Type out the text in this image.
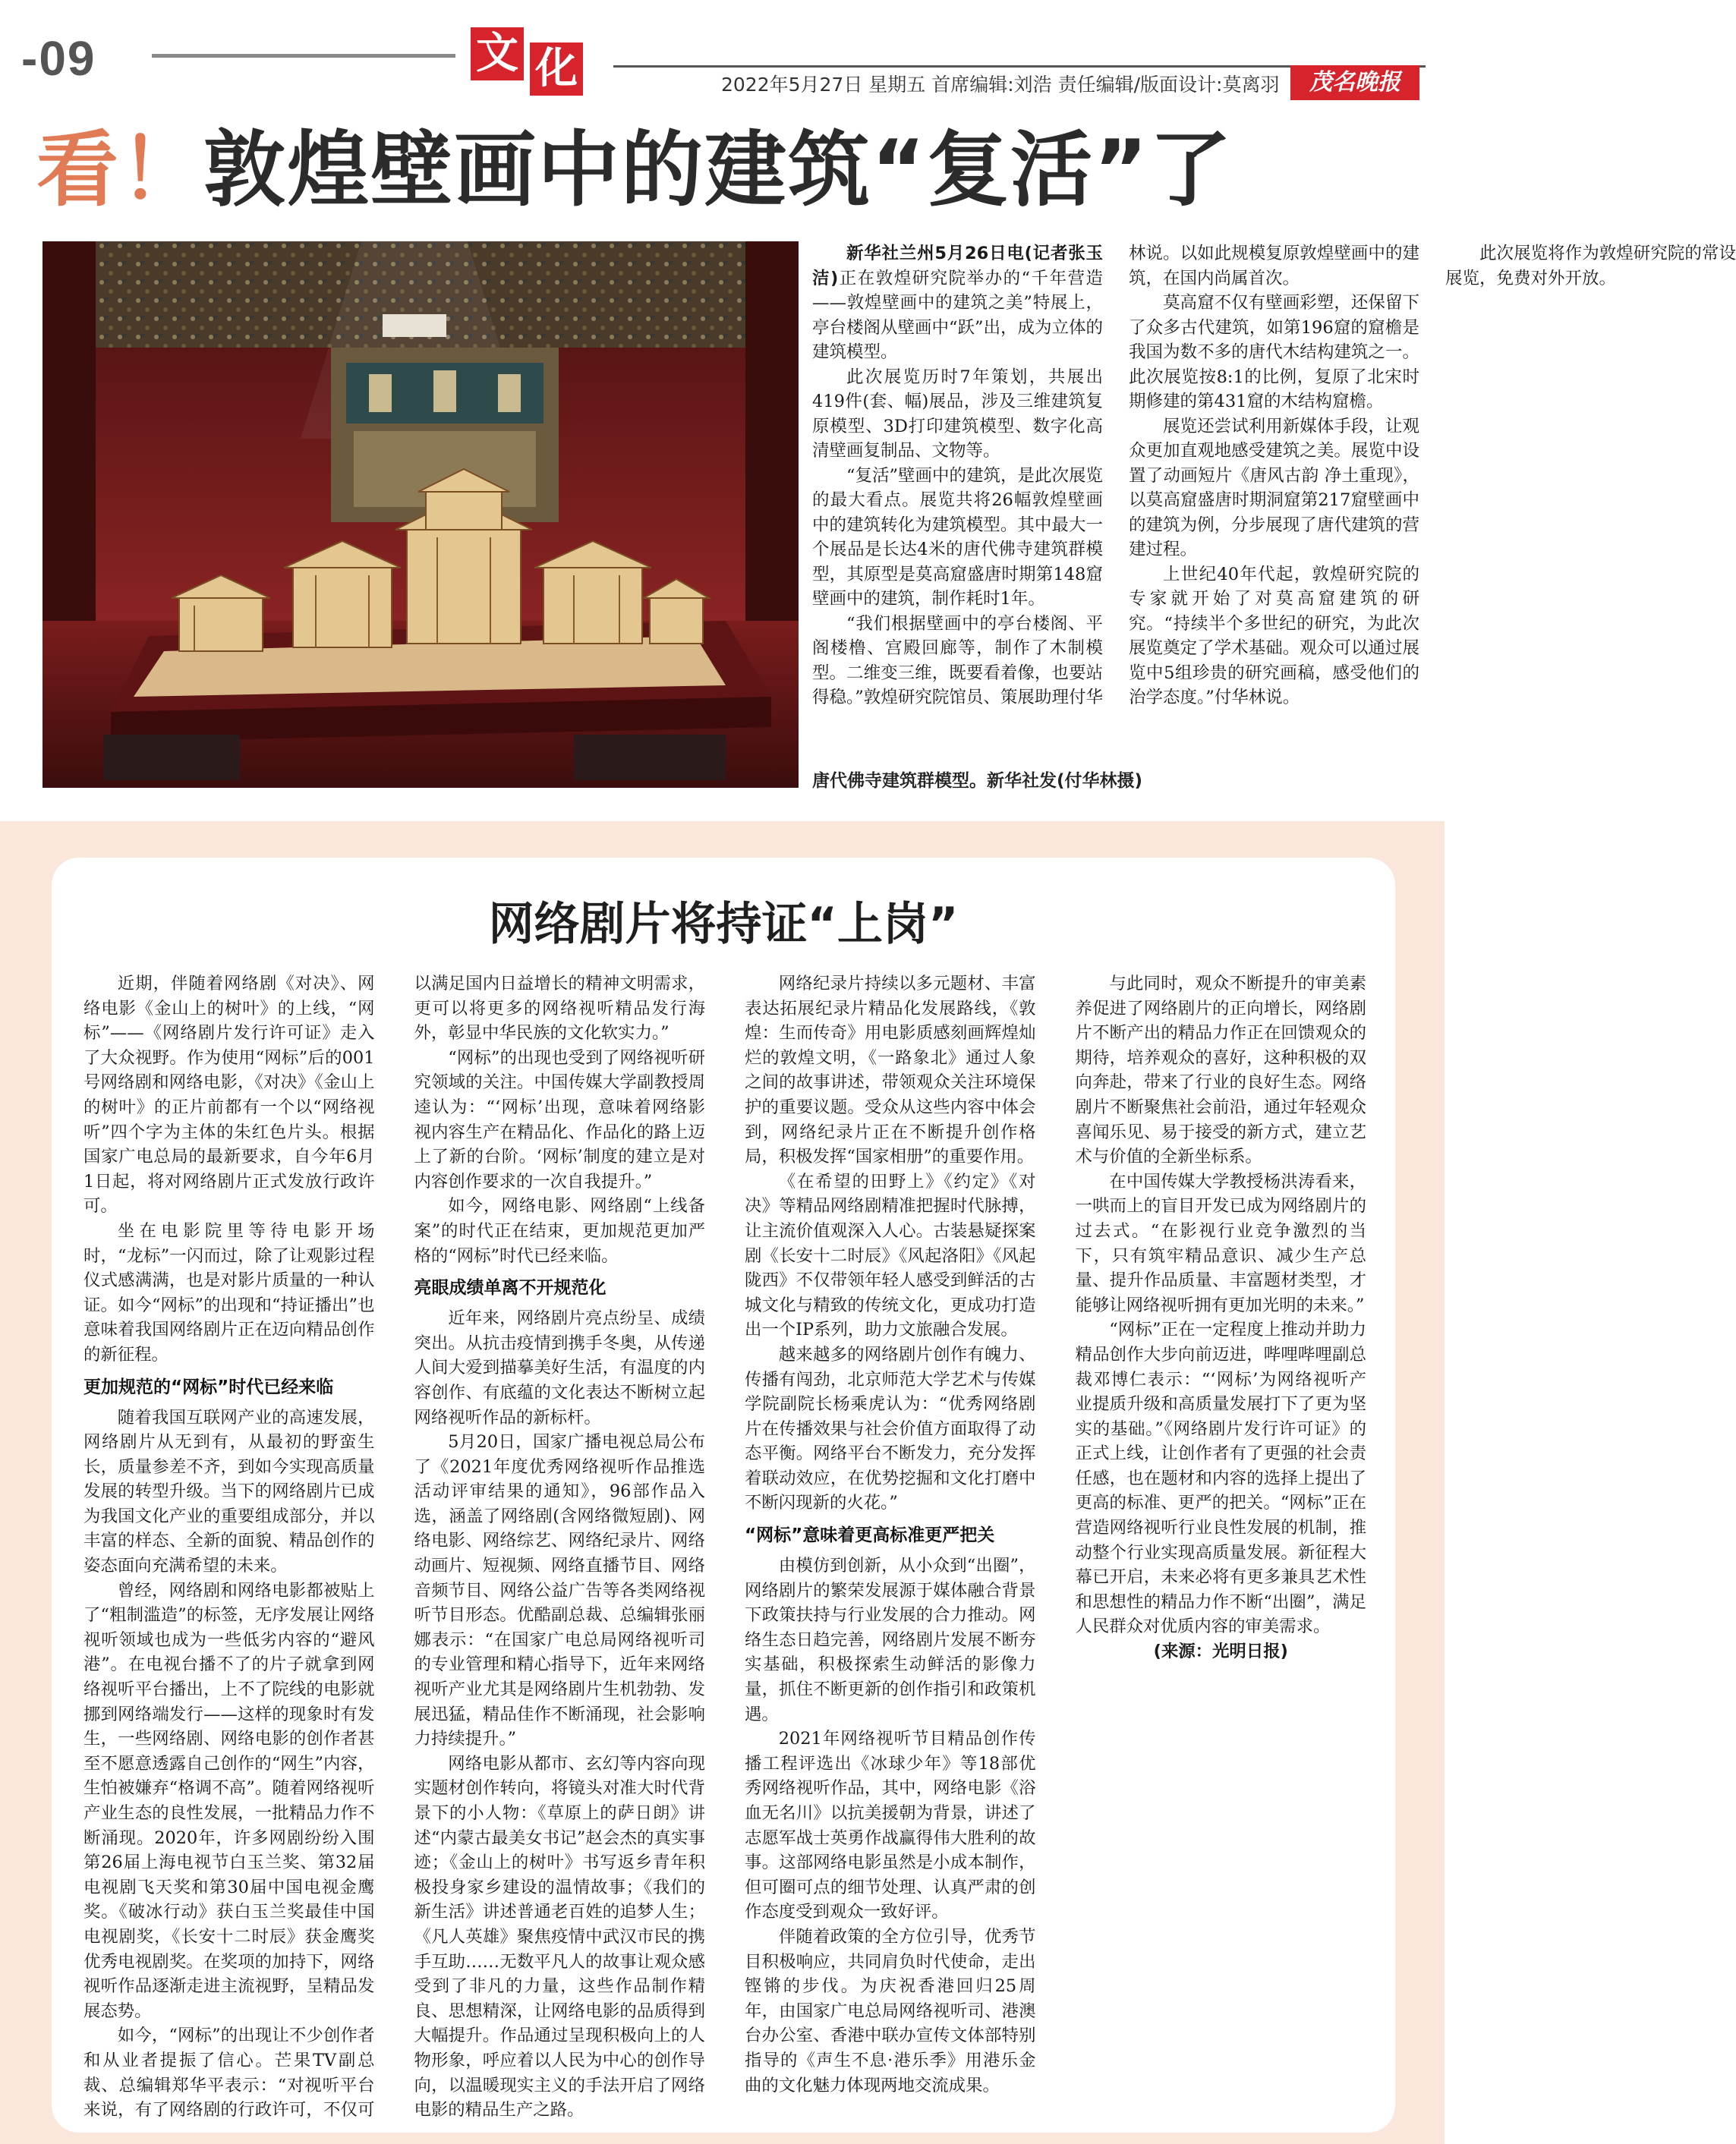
-09	文 化	2022年5月27日 星期五 首席编辑:刘浩 责任编辑/版面设计:莫离羽	茂名晚报
看！敦煌壁画中的建筑“复活”了
唐代佛寺建筑群模型。新华社发(付华林摄)

新华社兰州5月26日电(记者张玉洁)正在敦煌研究院举办的“千年营造——敦煌壁画中的建筑之美”特展上，亭台楼阁从壁画中“跃”出，成为立体的建筑模型。

此次展览历时7年策划，共展出419件(套、幅)展品，涉及三维建筑复原模型、3D打印建筑模型、数字化高清壁画复制品、文物等。

“复活”壁画中的建筑，是此次展览的最大看点。展览共将26幅敦煌壁画中的建筑转化为建筑模型。其中最大一个展品是长达4米的唐代佛寺建筑群模型，其原型是莫高窟盛唐时期第148窟壁画中的建筑，制作耗时1年。

“我们根据壁画中的亭台楼阁、平阁楼橹、宫殿回廊等，制作了木制模型。二维变三维，既要看着像，也要站得稳。”敦煌研究院馆员、策展助理付华林说。以如此规模复原敦煌壁画中的建筑，在国内尚属首次。

莫高窟不仅有壁画彩塑，还保留下了众多古代建筑，如第196窟的窟檐是我国为数不多的唐代木结构建筑之一。此次展览按8:1的比例，复原了北宋时期修建的第431窟的木结构窟檐。

展览还尝试利用新媒体手段，让观众更加直观地感受建筑之美。展览中设置了动画短片《唐风古韵 净土重现》，以莫高窟盛唐时期洞窟第217窟壁画中的建筑为例，分步展现了唐代建筑的营建过程。

上世纪40年代起，敦煌研究院的专家就开始了对莫高窟建筑的研究。“持续半个多世纪的研究，为此次展览奠定了学术基础。观众可以通过展览中5组珍贵的研究画稿，感受他们的治学态度。”付华林说。

此次展览将作为敦煌研究院的常设展览，免费对外开放。

网络剧片将持证“上岗”

近期，伴随着网络剧《对决》、网络电影《金山上的树叶》的上线，“网标”——《网络剧片发行许可证》走入了大众视野。作为使用“网标”后的001号网络剧和网络电影，《对决》《金山上的树叶》的正片前都有一个以“网络视听”四个字为主体的朱红色片头。根据国家广电总局的最新要求，自今年6月1日起，将对网络剧片正式发放行政许可。

坐在电影院里等待电影开场时，“龙标”一闪而过，除了让观影过程仪式感满满，也是对影片质量的一种认证。如今“网标”的出现和“持证播出”也意味着我国网络剧片正在迈向精品创作的新征程。

更加规范的“网标”时代已经来临

随着我国互联网产业的高速发展，网络剧片从无到有，从最初的野蛮生长，质量参差不齐，到如今实现高质量发展的转型升级。当下的网络剧片已成为我国文化产业的重要组成部分，并以丰富的样态、全新的面貌、精品创作的姿态面向充满希望的未来。

曾经，网络剧和网络电影都被贴上了“粗制滥造”的标签，无序发展让网络视听领域也成为一些低劣内容的“避风港”。在电视台播不了的片子就拿到网络视听平台播出，上不了院线的电影就挪到网络端发行——这样的现象时有发生，一些网络剧、网络电影的创作者甚至不愿意透露自己创作的“网生”内容，生怕被嫌弃“格调不高”。随着网络视听产业生态的良性发展，一批精品力作不断涌现。2020年，许多网剧纷纷入围第26届上海电视节白玉兰奖、第32届电视剧飞天奖和第30届中国电视金鹰奖。《破冰行动》获白玉兰奖最佳中国电视剧奖，《长安十二时辰》获金鹰奖优秀电视剧奖。在奖项的加持下，网络视听作品逐渐走进主流视野，呈精品发展态势。

如今，“网标”的出现让不少创作者和从业者提振了信心。芒果TV副总裁、总编辑郑华平表示：“对视听平台来说，有了网络剧的行政许可，不仅可以满足国内日益增长的精神文明需求，更可以将更多的网络视听精品发行海外，彰显中华民族的文化软实力。”

“网标”的出现也受到了网络视听研究领域的关注。中国传媒大学副教授周逵认为：“‘网标’出现，意味着网络影视内容生产在精品化、作品化的路上迈上了新的台阶。‘网标’制度的建立是对内容创作要求的一次自我提升。”

如今，网络电影、网络剧“上线备案”的时代正在结束，更加规范更加严格的“网标”时代已经来临。

亮眼成绩单离不开规范化

近年来，网络剧片亮点纷呈、成绩突出。从抗击疫情到携手冬奥，从传递人间大爱到描摹美好生活，有温度的内容创作、有底蕴的文化表达不断树立起网络视听作品的新标杆。

5月20日，国家广播电视总局公布了《2021年度优秀网络视听作品推选活动评审结果的通知》，96部作品入选，涵盖了网络剧(含网络微短剧)、网络电影、网络综艺、网络纪录片、网络动画片、短视频、网络直播节目、网络音频节目、网络公益广告等各类网络视听节目形态。优酷副总裁、总编辑张丽娜表示：“在国家广电总局网络视听司的专业管理和精心指导下，近年来网络视听产业尤其是网络剧片生机勃勃、发展迅猛，精品佳作不断涌现，社会影响力持续提升。”

网络电影从都市、玄幻等内容向现实题材创作转向，将镜头对准大时代背景下的小人物：《草原上的萨日朗》讲述“内蒙古最美女书记”赵会杰的真实事迹；《金山上的树叶》书写返乡青年积极投身家乡建设的温情故事；《我们的新生活》讲述普通老百姓的追梦人生；《凡人英雄》聚焦疫情中武汉市民的携手互助……无数平凡人的故事让观众感受到了非凡的力量，这些作品制作精良、思想精深，让网络电影的品质得到大幅提升。作品通过呈现积极向上的人物形象，呼应着以人民为中心的创作导向，以温暖现实主义的手法开启了网络电影的精品生产之路。

网络纪录片持续以多元题材、丰富表达拓展纪录片精品化发展路线，《敦煌：生而传奇》用电影质感刻画辉煌灿烂的敦煌文明，《一路象北》通过人象之间的故事讲述，带领观众关注环境保护的重要议题。受众从这些内容中体会到，网络纪录片正在不断提升创作格局，积极发挥“国家相册”的重要作用。

《在希望的田野上》《约定》《对决》等精品网络剧精准把握时代脉搏，让主流价值观深入人心。古装悬疑探案剧《长安十二时辰》《风起洛阳》《风起陇西》不仅带领年轻人感受到鲜活的古城文化与精致的传统文化，更成功打造出一个IP系列，助力文旅融合发展。

越来越多的网络剧片创作有魄力、传播有闯劲，北京师范大学艺术与传媒学院副院长杨乘虎认为：“优秀网络剧片在传播效果与社会价值方面取得了动态平衡。网络平台不断发力，充分发挥着联动效应，在优势挖掘和文化打磨中不断闪现新的火花。”

“网标”意味着更高标准更严把关

由模仿到创新，从小众到“出圈”，网络剧片的繁荣发展源于媒体融合背景下政策扶持与行业发展的合力推动。网络生态日趋完善，网络剧片发展不断夯实基础，积极探索生动鲜活的影像力量，抓住不断更新的创作指引和政策机遇。

2021年网络视听节目精品创作传播工程评选出《冰球少年》等18部优秀网络视听作品，其中，网络电影《浴血无名川》以抗美援朝为背景，讲述了志愿军战士英勇作战赢得伟大胜利的故事。这部网络电影虽然是小成本制作，但可圈可点的细节处理、认真严肃的创作态度受到观众一致好评。

伴随着政策的全方位引导，优秀节目积极响应，共同肩负时代使命，走出铿锵的步伐。为庆祝香港回归25周年，由国家广电总局网络视听司、港澳台办公室、香港中联办宣传文体部特别指导的《声生不息·港乐季》用港乐金曲的文化魅力体现两地交流成果。

与此同时，观众不断提升的审美素养促进了网络剧片的正向增长，网络剧片不断产出的精品力作正在回馈观众的期待，培养观众的喜好，这种积极的双向奔赴，带来了行业的良好生态。网络剧片不断聚焦社会前沿，通过年轻观众喜闻乐见、易于接受的新方式，建立艺术与价值的全新坐标系。

在中国传媒大学教授杨洪涛看来，一哄而上的盲目开发已成为网络剧片的过去式。“在影视行业竞争激烈的当下，只有筑牢精品意识、减少生产总量、提升作品质量、丰富题材类型，才能够让网络视听拥有更加光明的未来。”

“网标”正在一定程度上推动并助力精品创作大步向前迈进，哔哩哔哩副总裁邓博仁表示：“‘网标’为网络视听产业提质升级和高质量发展打下了更为坚实的基础。”《网络剧片发行许可证》的正式上线，让创作者有了更强的社会责任感，也在题材和内容的选择上提出了更高的标准、更严的把关。“网标”正在营造网络视听行业良性发展的机制，推动整个行业实现高质量发展。新征程大幕已开启，未来必将有更多兼具艺术性和思想性的精品力作不断“出圈”，满足人民群众对优质内容的审美需求。

(来源：光明日报)
